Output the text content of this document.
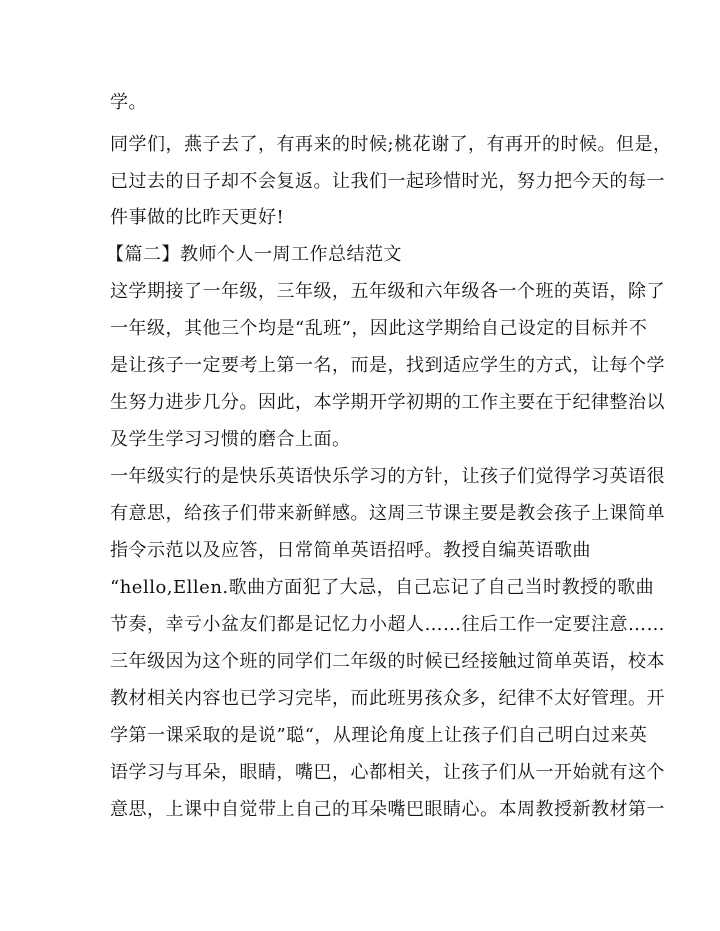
学。
同学们，燕子去了，有再来的时候;桃花谢了，有再开的时候。但是，
已过去的日子却不会复返。让我们一起珍惜时光，努力把今天的每一
件事做的比昨天更好!
【篇二】教师个人一周工作总结范文
这学期接了一年级，三年级，五年级和六年级各一个班的英语，除了
一年级，其他三个均是“乱班”，因此这学期给自己设定的目标并不
是让孩子一定要考上第一名，而是，找到适应学生的方式，让每个学
生努力进步几分。因此，本学期开学初期的工作主要在于纪律整治以
及学生学习习惯的磨合上面。
一年级实行的是快乐英语快乐学习的方针，让孩子们觉得学习英语很
有意思，给孩子们带来新鲜感。这周三节课主要是教会孩子上课简单
指令示范以及应答，日常简单英语招呼。教授自编英语歌曲
“hello,Ellen.歌曲方面犯了大忌，自己忘记了自己当时教授的歌曲
节奏，幸亏小盆友们都是记忆力小超人……往后工作一定要注意……
三年级因为这个班的同学们二年级的时候已经接触过简单英语，校本
教材相关内容也已学习完毕，而此班男孩众多，纪律不太好管理。开
学第一课采取的是说”聪“，从理论角度上让孩子们自己明白过来英
语学习与耳朵，眼睛，嘴巴，心都相关，让孩子们从一开始就有这个
意思，上课中自觉带上自己的耳朵嘴巴眼睛心。本周教授新教材第一
